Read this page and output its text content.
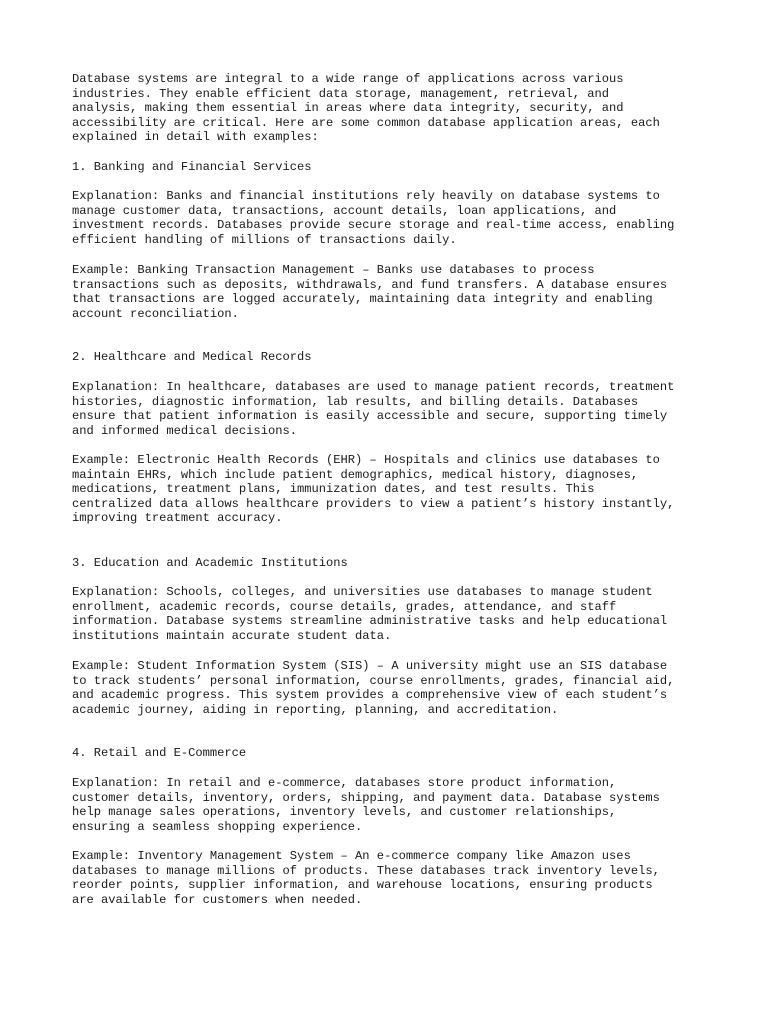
Database systems are integral to a wide range of applications across various
industries. They enable efficient data storage, management, retrieval, and
analysis, making them essential in areas where data integrity, security, and
accessibility are critical. Here are some common database application areas, each
explained in detail with examples:

1. Banking and Financial Services

Explanation: Banks and financial institutions rely heavily on database systems to
manage customer data, transactions, account details, loan applications, and
investment records. Databases provide secure storage and real-time access, enabling
efficient handling of millions of transactions daily.

Example: Banking Transaction Management – Banks use databases to process
transactions such as deposits, withdrawals, and fund transfers. A database ensures
that transactions are logged accurately, maintaining data integrity and enabling
account reconciliation.

2. Healthcare and Medical Records

Explanation: In healthcare, databases are used to manage patient records, treatment
histories, diagnostic information, lab results, and billing details. Databases
ensure that patient information is easily accessible and secure, supporting timely
and informed medical decisions.

Example: Electronic Health Records (EHR) – Hospitals and clinics use databases to
maintain EHRs, which include patient demographics, medical history, diagnoses,
medications, treatment plans, immunization dates, and test results. This
centralized data allows healthcare providers to view a patient’s history instantly,
improving treatment accuracy.

3. Education and Academic Institutions

Explanation: Schools, colleges, and universities use databases to manage student
enrollment, academic records, course details, grades, attendance, and staff
information. Database systems streamline administrative tasks and help educational
institutions maintain accurate student data.

Example: Student Information System (SIS) – A university might use an SIS database
to track students’ personal information, course enrollments, grades, financial aid,
and academic progress. This system provides a comprehensive view of each student’s
academic journey, aiding in reporting, planning, and accreditation.

4. Retail and E-Commerce

Explanation: In retail and e-commerce, databases store product information,
customer details, inventory, orders, shipping, and payment data. Database systems
help manage sales operations, inventory levels, and customer relationships,
ensuring a seamless shopping experience.

Example: Inventory Management System – An e-commerce company like Amazon uses
databases to manage millions of products. These databases track inventory levels,
reorder points, supplier information, and warehouse locations, ensuring products
are available for customers when needed.
